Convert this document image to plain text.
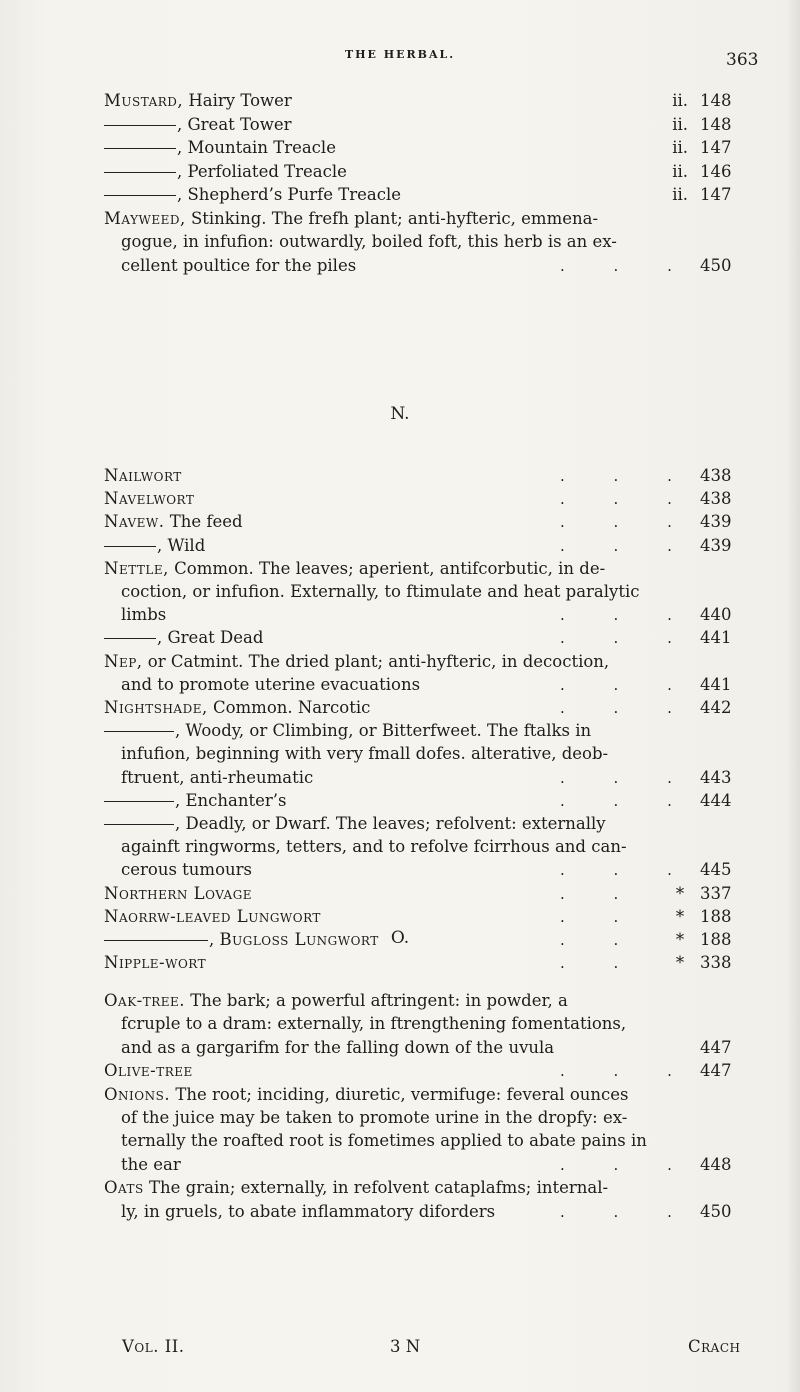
THE HERBAL.	363
Mustard, Hairy Tower	ii. 148
, Great Tower	ii. 148
, Mountain Treacle	ii. 147
, Perfoliated Treacle	ii. 146
, Shepherd’s Purfe Treacle	ii. 147
Mayweed, Stinking. The frefh plant; anti-hyfteric, emmena-
gogue, in infufion: outwardly, boiled foft, this herb is an ex-
cellent poultice for the piles	. . . 450
N.
Nailwort	. . . 438
Navelwort	. . . 438
Navew. The feed	. . . 439
, Wild	. . . 439
Nettle, Common. The leaves; aperient, antifcorbutic, in de-
coction, or infufion. Externally, to ftimulate and heat paralytic
limbs	. . . 440
, Great Dead	. . . 441
Nep, or Catmint. The dried plant; anti-hyfteric, in decoction,
and to promote uterine evacuations	. . . 441
Nightshade, Common. Narcotic	. . . 442
, Woody, or Climbing, or Bitterfweet. The ftalks in
infufion, beginning with very fmall dofes. alterative, deob-
ftruent, anti-rheumatic	. . . 443
, Enchanter’s	. . . 444
, Deadly, or Dwarf. The leaves; refolvent: externally
againft ringworms, tetters, and to refolve fcirrhous and can-
cerous tumours	. . . 445
Northern Lovage	. .	* 337
Naorrw-leaved Lungwort	. .	* 188
, Bugloss Lungwort	. .	* 188
Nipple-wort	. .	* 338
O.
Oak-tree. The bark; a powerful aftringent: in powder, a
fcruple to a dram: externally, in ftrengthening fomentations,
and as a gargarifm for the falling down of the uvula	447
Olive-tree	. . . 447
Onions. The root; inciding, diuretic, vermifuge: feveral ounces
of the juice may be taken to promote urine in the dropfy: ex-
ternally the roafted root is fometimes applied to abate pains in
the ear	. . . 448
Oats The grain; externally, in refolvent cataplafms; internal-
ly, in gruels, to abate inflammatory diforders	. . . 450
Vol. II.	3 N	Crach
